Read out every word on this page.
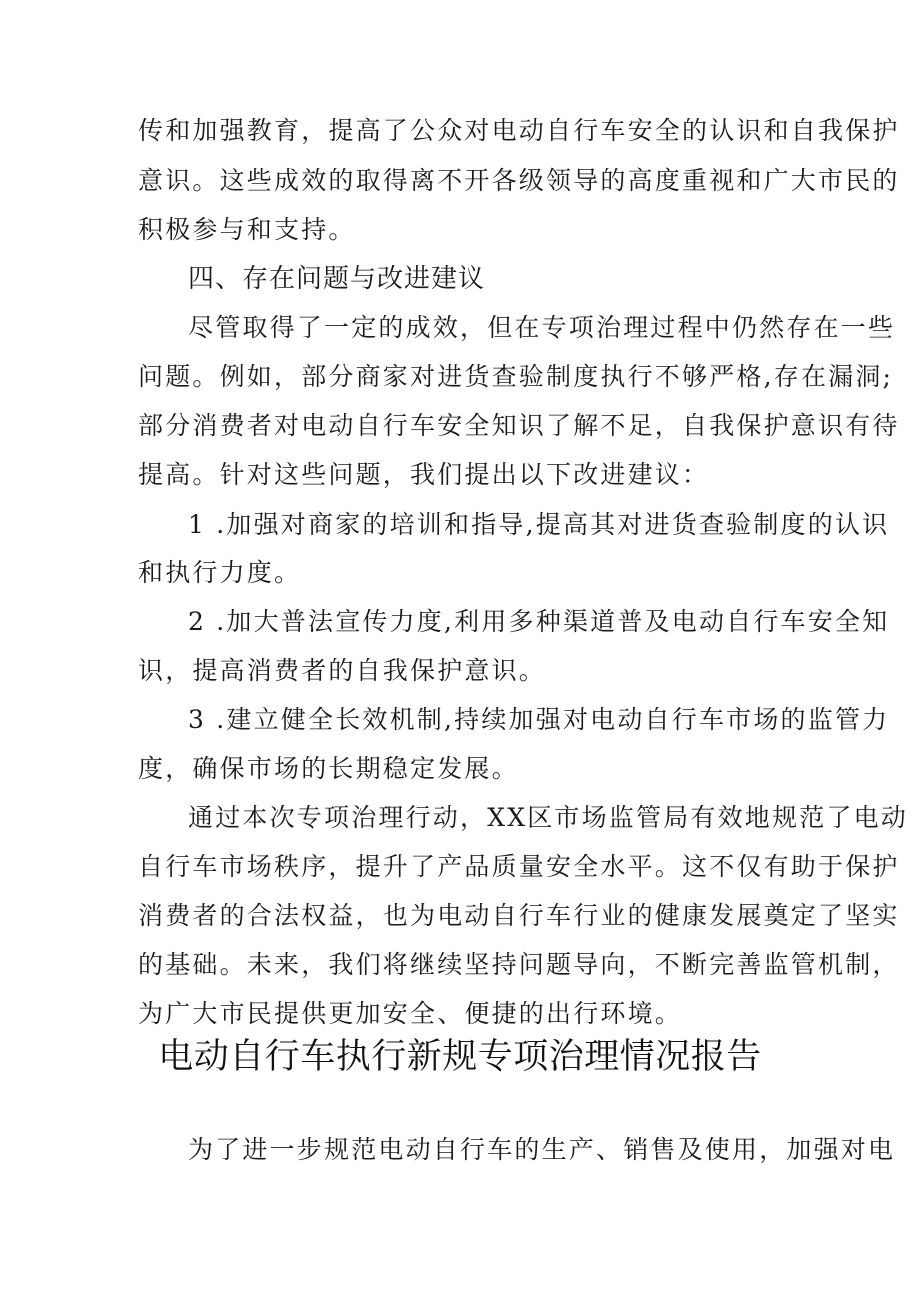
传和加强教育，提高了公众对电动自行车安全的认识和自我保护
意识。这些成效的取得离不开各级领导的高度重视和广大市民的
积极参与和支持。
四、存在问题与改进建议
尽管取得了一定的成效，但在专项治理过程中仍然存在一些
问题。例如，部分商家对进货查验制度执行不够严格,存在漏洞;
部分消费者对电动自行车安全知识了解不足，自我保护意识有待
提高。针对这些问题，我们提出以下改进建议：
1 .加强对商家的培训和指导,提高其对进货查验制度的认识
和执行力度。
2 .加大普法宣传力度,利用多种渠道普及电动自行车安全知
识，提高消费者的自我保护意识。
3 .建立健全长效机制,持续加强对电动自行车市场的监管力
度，确保市场的长期稳定发展。
通过本次专项治理行动，XX区市场监管局有效地规范了电动
自行车市场秩序，提升了产品质量安全水平。这不仅有助于保护
消费者的合法权益，也为电动自行车行业的健康发展奠定了坚实
的基础。未来，我们将继续坚持问题导向，不断完善监管机制，
为广大市民提供更加安全、便捷的出行环境。
电动自行车执行新规专项治理情况报告
为了进一步规范电动自行车的生产、销售及使用，加强对电
